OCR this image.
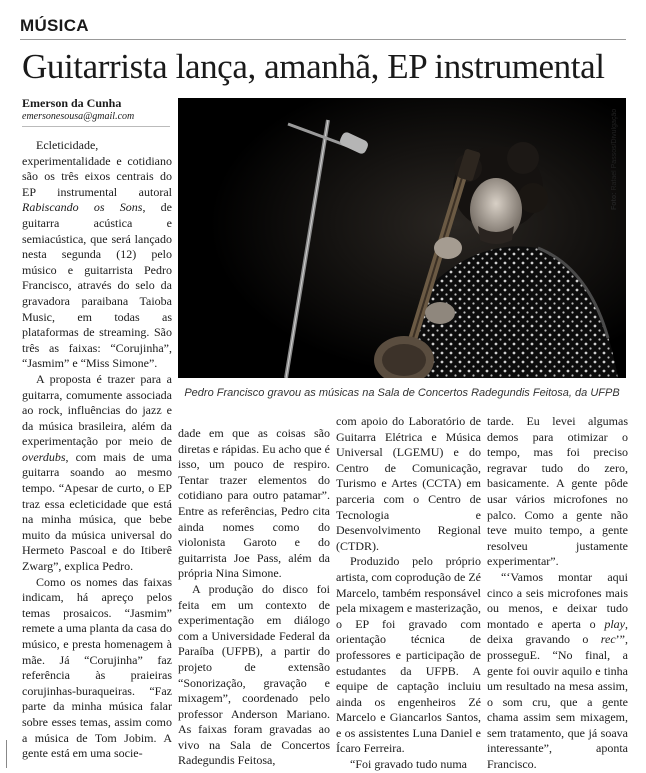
MÚSICA
Guitarrista lança, amanhã, EP instrumental
Emerson da Cunha
emersonesousa@gmail.com
Foto: Rafael Passos/Divulgação
Pedro Francisco gravou as músicas na Sala de Concertos Radegundis Feitosa, da UFPB

Ecleticidade, experimentalidade e cotidiano são os três eixos centrais do EP instrumental autoral Rabiscando os Sons, de guitarra acústica e semiacústica, que será lançado nesta segunda (12) pelo músico e guitarrista Pedro Francisco, através do selo da gravadora paraibana Taioba Music, em todas as plataformas de streaming. São três as faixas: “Corujinha”, “Jasmim” e “Miss Simone”.

A proposta é trazer para a guitarra, comumente associada ao rock, influências do jazz e da música brasileira, além da experimentação por meio de overdubs, com mais de uma guitarra soando ao mesmo tempo. “Apesar de curto, o EP traz essa ecleticidade que está na minha música, que bebe muito da música universal do Hermeto Pascoal e do Itiberê Zwarg”, explica Pedro.

Como os nomes das faixas indicam, há apreço pelos temas prosaicos. “Jasmim” remete a uma planta da casa do músico, e presta homenagem à mãe. Já “Corujinha” faz referência às praieiras corujinhas-buraqueiras. “Faz parte da minha música falar sobre esses temas, assim como a música de Tom Jobim. A gente está em uma socie-

dade em que as coisas são diretas e rápidas. Eu acho que é isso, um pouco de respiro. Tentar trazer elementos do cotidiano para outro patamar”. Entre as referências, Pedro cita ainda nomes como do violonista Garoto e do guitarrista Joe Pass, além da própria Nina Simone.

A produção do disco foi feita em um contexto de experimentação em diálogo com a Universidade Federal da Paraíba (UFPB), a partir do projeto de extensão “Sonorização, gravação e mixagem”, coordenado pelo professor Anderson Mariano. As faixas foram gravadas ao vivo na Sala de Concertos Radegundis Feitosa,

com apoio do Laboratório de Guitarra Elétrica e Música Universal (LGEMU) e do Centro de Comunicação, Turismo e Artes (CCTA) em parceria com o Centro de Tecnologia e Desenvolvimento Regional (CTDR).

Produzido pelo próprio artista, com coprodução de Zé Marcelo, também responsável pela mixagem e masterização, o EP foi gravado com orientação técnica de professores e participação de estudantes da UFPB. A equipe de captação incluiu ainda os engenheiros Zé Marcelo e Giancarlos Santos, e os assistentes Luna Daniel e Ícaro Ferreira.

“Foi gravado tudo numa

tarde. Eu levei algumas demos para otimizar o tempo, mas foi preciso regravar tudo do zero, basicamente. A gente pôde usar vários microfones no palco. Como a gente não teve muito tempo, a gente resolveu justamente experimentar”.

“‘Vamos montar aqui cinco a seis microfones mais ou menos, e deixar tudo montado e aperta o play, deixa gravando o rec’”, prosseguE. “No final, a gente foi ouvir aquilo e tinha um resultado na mesa assim, o som cru, que a gente chama assim sem mixagem, sem tratamento, que já soava interessante”, aponta Francisco.
